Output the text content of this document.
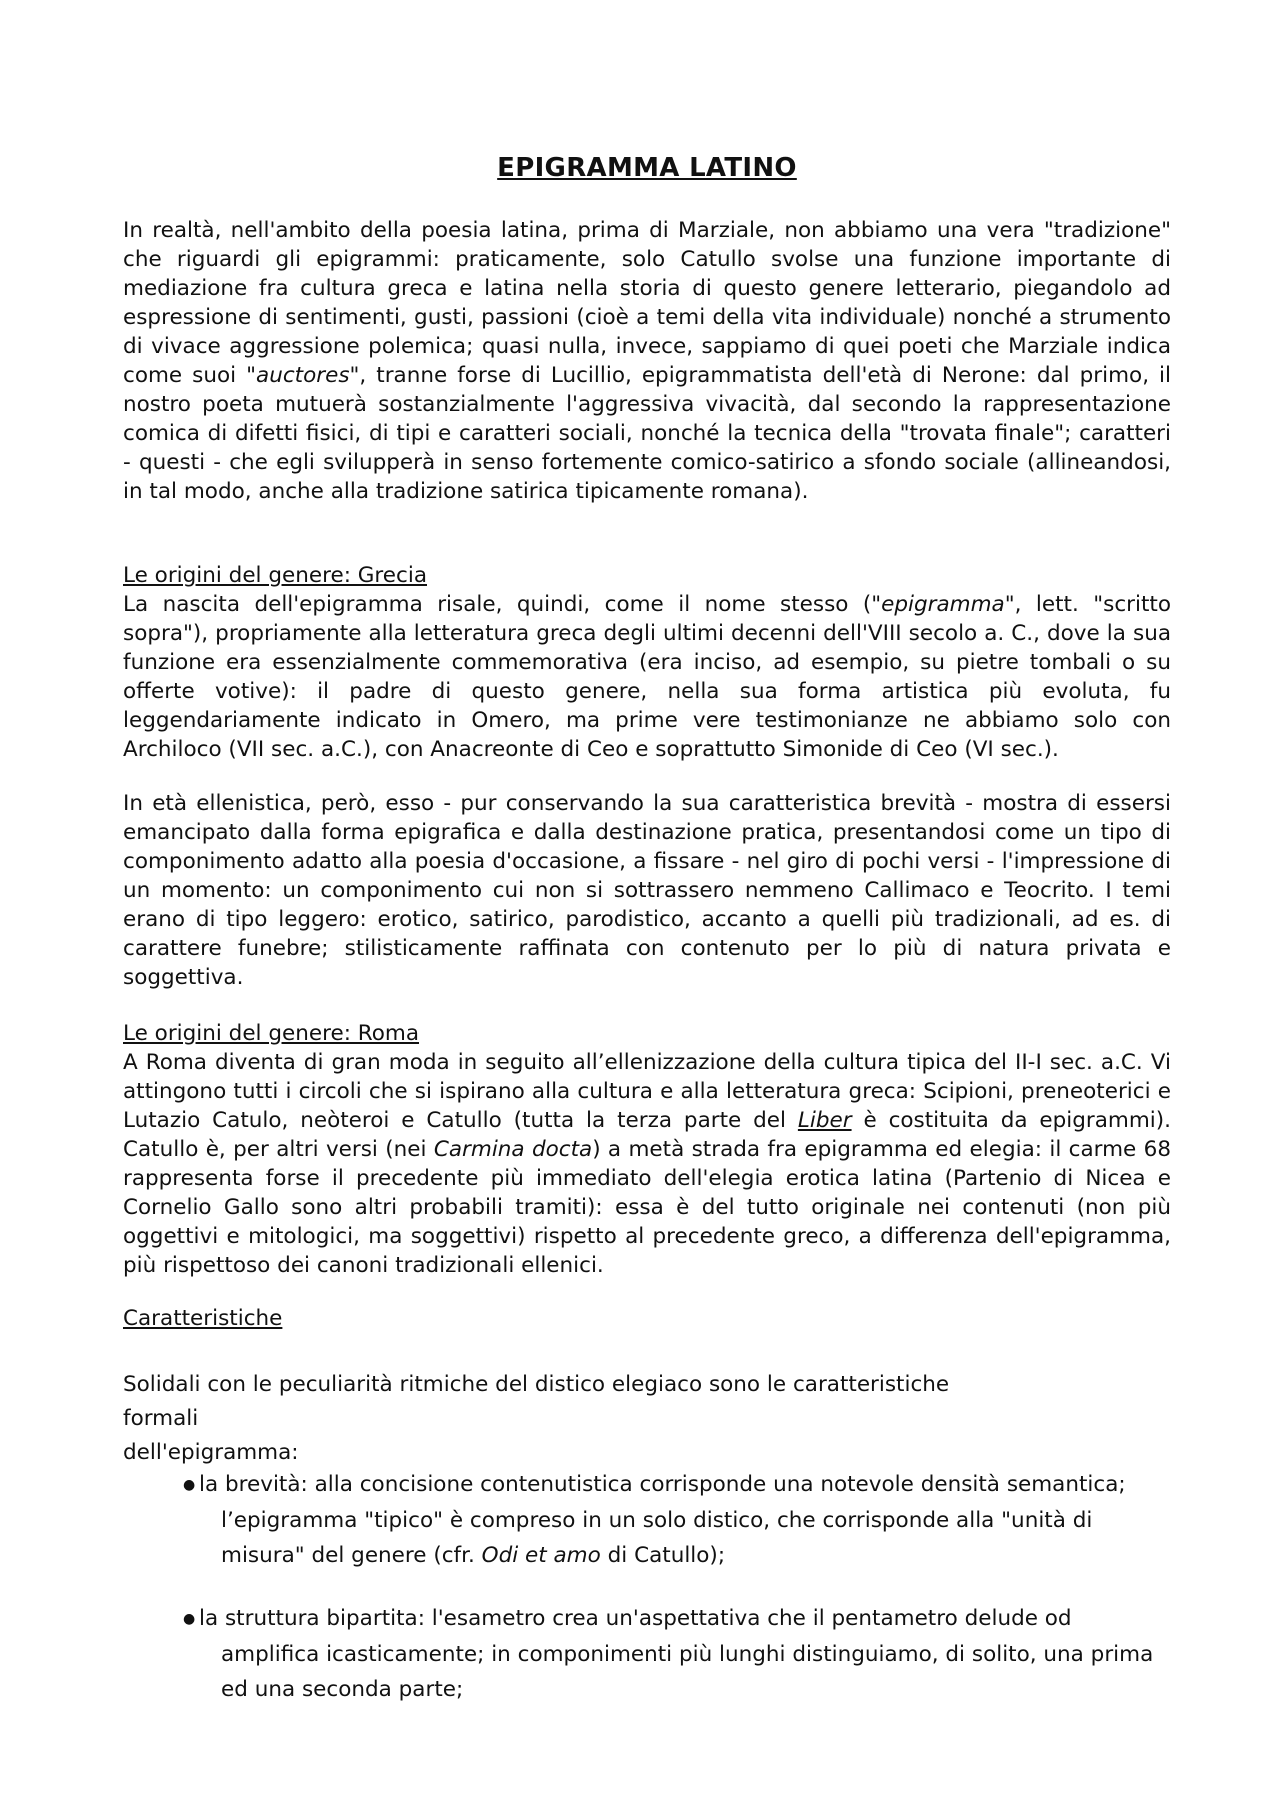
EPIGRAMMA LATINO

In realtà, nell'ambito della poesia latina, prima di Marziale, non abbiamo una vera "tradizione" che riguardi gli epigrammi: praticamente, solo Catullo svolse una funzione importante di mediazione fra cultura greca e latina nella storia di questo genere letterario, piegandolo ad espressione di sentimenti, gusti, passioni (cioè a temi della vita individuale) nonché a strumento di vivace aggressione polemica; quasi nulla, invece, sappiamo di quei poeti che Marziale indica come suoi "auctores", tranne forse di Lucillio, epigrammatista dell'età di Nerone: dal primo, il nostro poeta mutuerà sostanzialmente l'aggressiva vivacità, dal secondo la rappresentazione comica di difetti fisici, di tipi e caratteri sociali, nonché la tecnica della "trovata finale"; caratteri - questi - che egli svilupperà in senso fortemente comico-satirico a sfondo sociale (allineandosi, in tal modo, anche alla tradizione satirica tipicamente romana).

Le origini del genere: Grecia

La nascita dell'epigramma risale, quindi, come il nome stesso ("epigramma", lett. "scritto sopra"), propriamente alla letteratura greca degli ultimi decenni dell'VIII secolo a. C., dove la sua funzione era essenzialmente commemorativa (era inciso, ad esempio, su pietre tombali o su offerte votive): il padre di questo genere, nella sua forma artistica più evoluta, fu leggendariamente indicato in Omero, ma prime vere testimonianze ne abbiamo solo con Archiloco (VII sec. a.C.), con Anacreonte di Ceo e soprattutto Simonide di Ceo (VI sec.).

In età ellenistica, però, esso - pur conservando la sua caratteristica brevità - mostra di essersi emancipato dalla forma epigrafica e dalla destinazione pratica, presentandosi come un tipo di componimento adatto alla poesia d'occasione, a fissare - nel giro di pochi versi - l'impressione di un momento: un componimento cui non si sottrassero nemmeno Callimaco e Teocrito. I temi erano di tipo leggero: erotico, satirico, parodistico, accanto a quelli più tradizionali, ad es. di carattere funebre; stilisticamente raffinata con contenuto per lo più di natura privata e soggettiva.

Le origini del genere: Roma

A Roma diventa di gran moda in seguito all’ellenizzazione della cultura tipica del II-I sec. a.C. Vi attingono tutti i circoli che si ispirano alla cultura e alla letteratura greca: Scipioni, preneoterici e Lutazio Catulo, neòteroi e Catullo (tutta la terza parte del Liber è costituita da epigrammi). Catullo è, per altri versi (nei Carmina docta) a metà strada fra epigramma ed elegia: il carme 68 rappresenta forse il precedente più immediato dell'elegia erotica latina (Partenio di Nicea e Cornelio Gallo sono altri probabili tramiti): essa è del tutto originale nei contenuti (non più oggettivi e mitologici, ma soggettivi) rispetto al precedente greco, a differenza dell'epigramma, più rispettoso dei canoni tradizionali ellenici.

Caratteristiche

Solidali con le peculiarità ritmiche del distico elegiaco sono le caratteristiche formali
dell'epigramma:

● la brevità: alla concisione contenutistica corrisponde una notevole densità semantica;
l’epigramma "tipico" è compreso in un solo distico, che corrisponde alla "unità di
misura" del genere (cfr. Odi et amo di Catullo);
● la struttura bipartita: l'esametro crea un'aspettativa che il pentametro delude od
amplifica icasticamente; in componimenti più lunghi distinguiamo, di solito, una prima
ed una seconda parte;
